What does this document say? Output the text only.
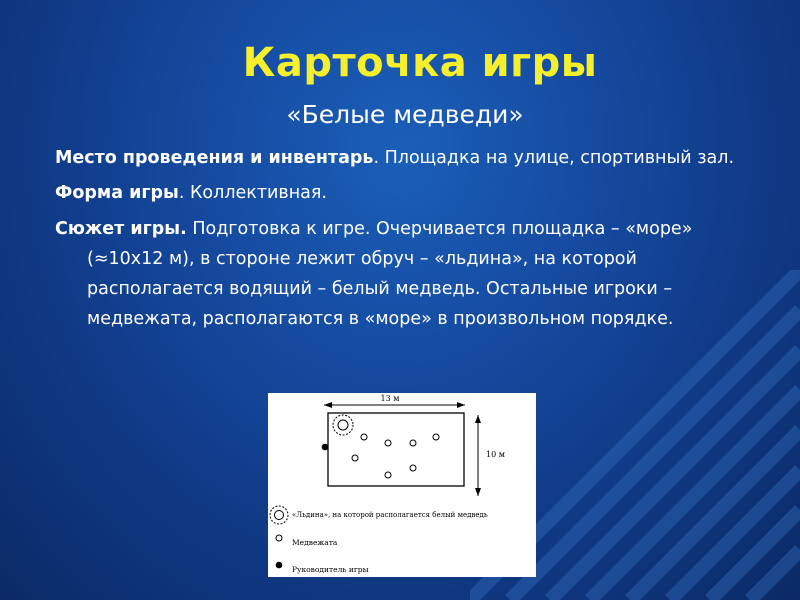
Карточка игры
«Белые медведи»

Место проведения и инвентарь. Площадка на улице, спортивный зал.

Форма игры. Коллективная.

Сюжет игры. Подготовка к игре. Очерчивается площадка – «море» (≈10х12 м), в стороне лежит обруч – «льдина», на которой располагается водящий – белый медведь. Остальные игроки – медвежата, располагаются в «море» в произвольном порядке.

13 м
10 м
«Льдина», на которой располагается белый медведь
Медвежата
Руководитель игры
